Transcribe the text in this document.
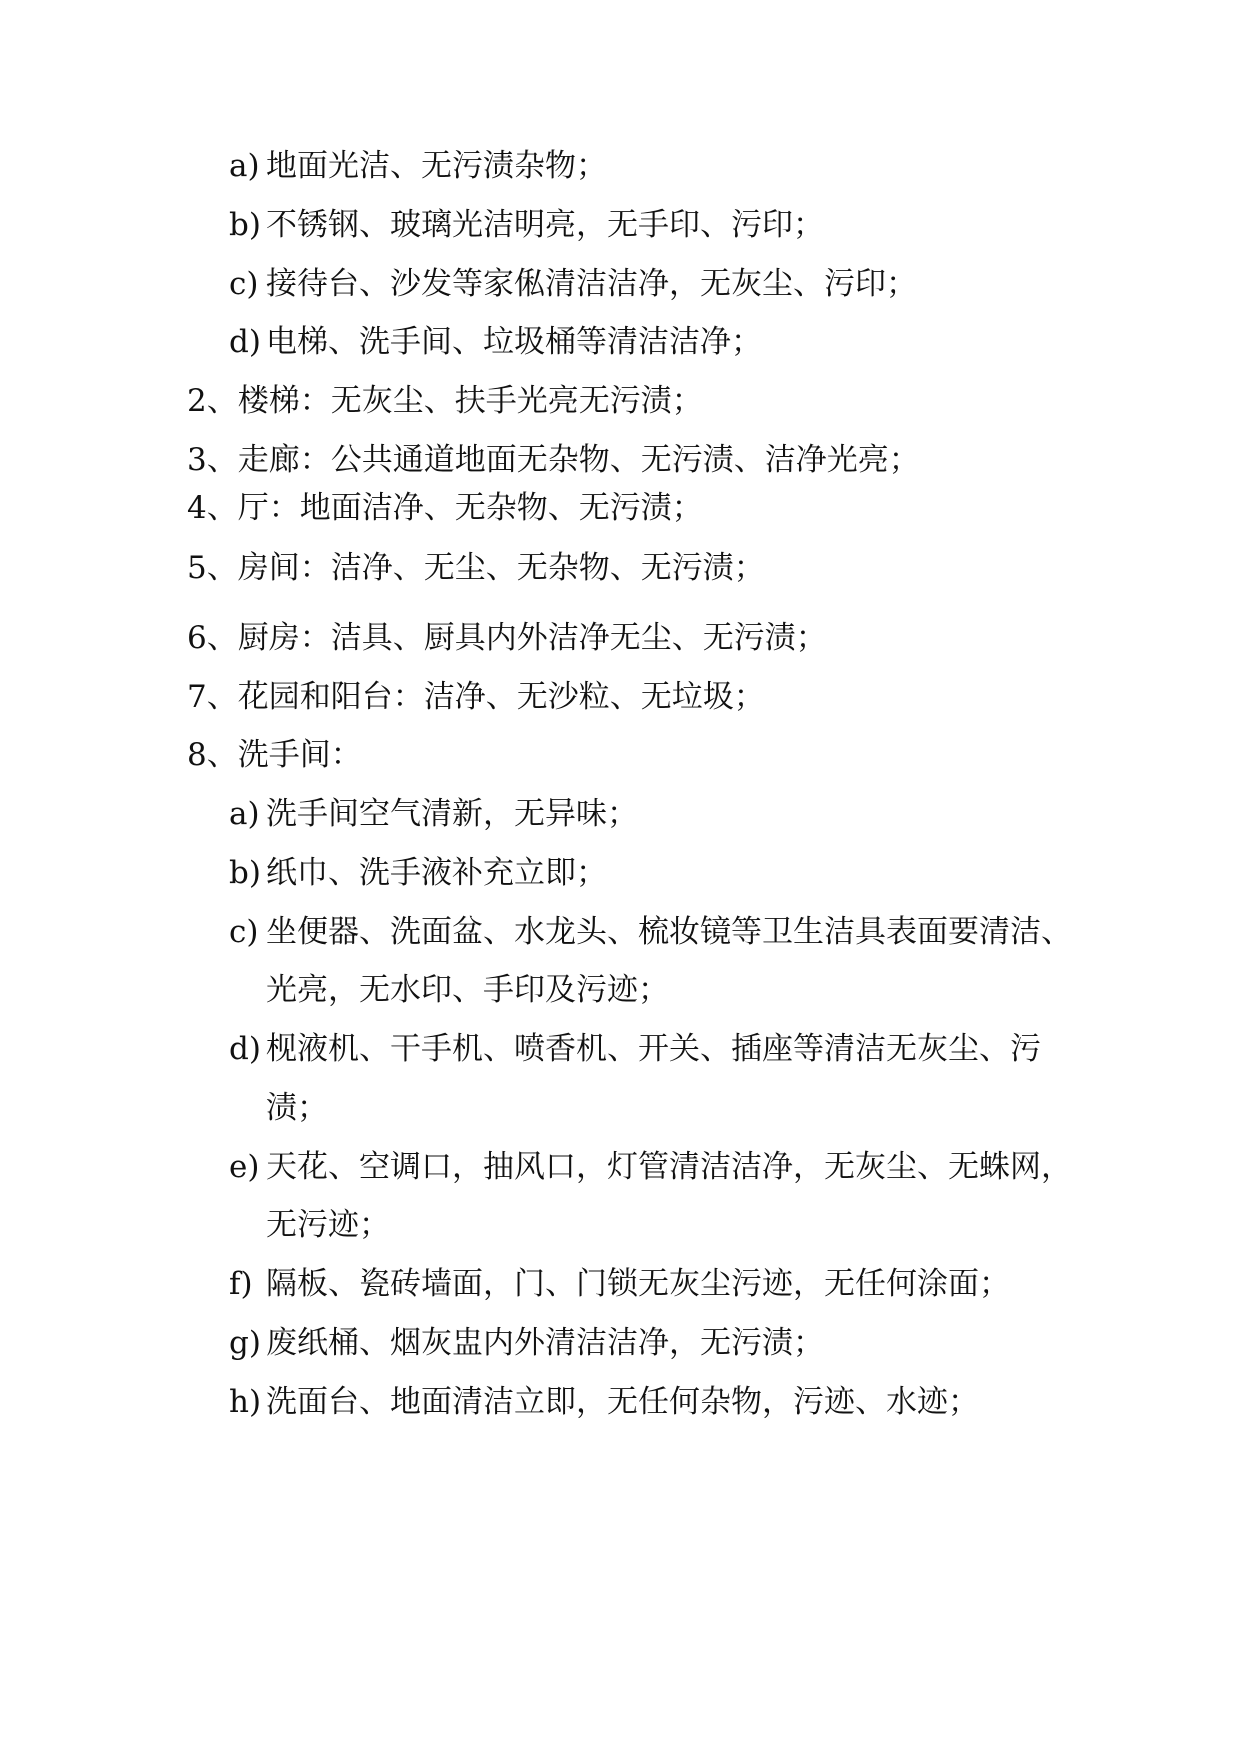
a) 地面光洁、无污渍杂物；
b) 不锈钢、玻璃光洁明亮，无手印、污印；
c) 接待台、沙发等家俬清洁洁净，无灰尘、污印；
d) 电梯、洗手间、垃圾桶等清洁洁净；
2、楼梯：无灰尘、扶手光亮无污渍；
3、走廊：公共通道地面无杂物、无污渍、洁净光亮；
4、厅：地面洁净、无杂物、无污渍；
5、房间：洁净、无尘、无杂物、无污渍；
6、厨房：洁具、厨具内外洁净无尘、无污渍；
7、花园和阳台：洁净、无沙粒、无垃圾；
8、洗手间：
a) 洗手间空气清新，无异味；
b) 纸巾、洗手液补充立即；
c) 坐便器、洗面盆、水龙头、梳妆镜等卫生洁具表面要清洁、
光亮，无水印、手印及污迹；
d) 枧液机、干手机、喷香机、开关、插座等清洁无灰尘、污
渍；
e) 天花、空调口，抽风口，灯管清洁洁净，无灰尘、无蛛网，
无污迹；
f) 隔板、瓷砖墙面，门、门锁无灰尘污迹，无任何涂面；
g) 废纸桶、烟灰盅内外清洁洁净，无污渍；
h) 洗面台、地面清洁立即，无任何杂物，污迹、水迹；
